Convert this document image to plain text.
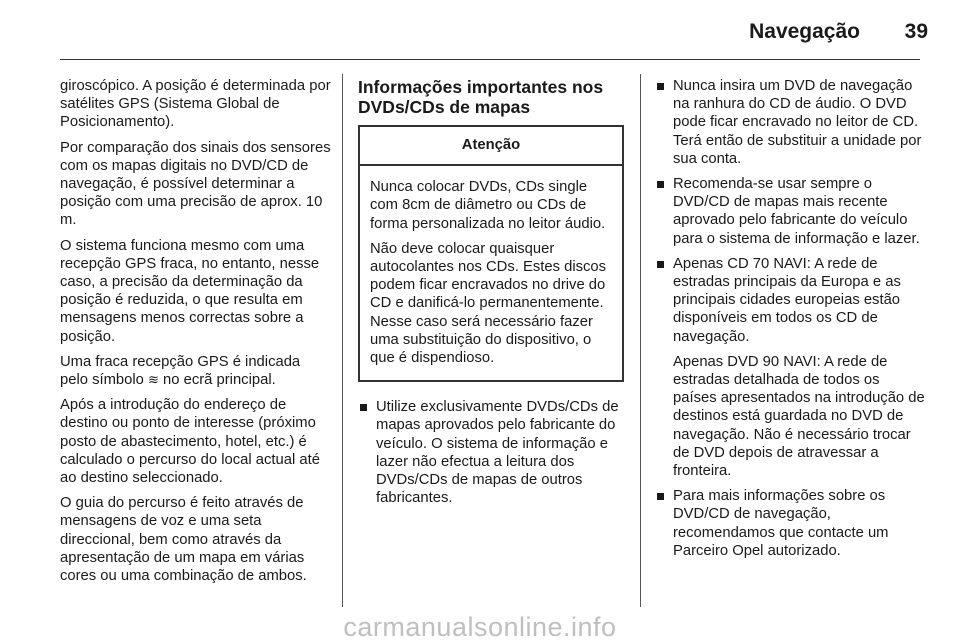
Navegação	39

giroscópico. A posição é determinada por satélites GPS (Sistema Global de Posicionamento).

Por comparação dos sinais dos sensores com os mapas digitais no DVD/CD de navegação, é possível determinar a posição com uma precisão de aprox. 10 m.

O sistema funciona mesmo com uma recepção GPS fraca, no entanto, nesse caso, a precisão da determinação da posição é reduzida, o que resulta em mensagens menos correctas sobre a posição.

Uma fraca recepção GPS é indicada pelo símbolo ≋ no ecrã principal.

Após a introdução do endereço de destino ou ponto de interesse (próximo posto de abastecimento, hotel, etc.) é calculado o percurso do local actual até ao destino seleccionado.

O guia do percurso é feito através de mensagens de voz e uma seta direccional, bem como através da apresentação de um mapa em várias cores ou uma combinação de ambos.

Informações importantes nos DVDs/CDs de mapas
Atenção

Nunca colocar DVDs, CDs single com 8cm de diâmetro ou CDs de forma personalizada no leitor áudio.

Não deve colocar quaisquer autocolantes nos CDs. Estes discos podem ficar encravados no drive do CD e danificá-lo permanentemente. Nesse caso será necessário fazer uma substituição do dispositivo, o que é dispendioso.

Utilize exclusivamente DVDs/CDs de mapas aprovados pelo fabricante do veículo. O sistema de informação e lazer não efectua a leitura dos DVDs/CDs de mapas de outros fabricantes.

Nunca insira um DVD de navegação na ranhura do CD de áudio. O DVD pode ficar encravado no leitor de CD. Terá então de substituir a unidade por sua conta.

Recomenda-se usar sempre o DVD/CD de mapas mais recente aprovado pelo fabricante do veículo para o sistema de informação e lazer.

Apenas CD 70 NAVI: A rede de estradas principais da Europa e as principais cidades europeias estão disponíveis em todos os CD de navegação.

Apenas DVD 90 NAVI: A rede de estradas detalhada de todos os países apresentados na introdução de destinos está guardada no DVD de navegação. Não é necessário trocar de DVD depois de atravessar a fronteira.

Para mais informações sobre os DVD/CD de navegação, recomendamos que contacte um Parceiro Opel autorizado.

carmanualsonline.info
